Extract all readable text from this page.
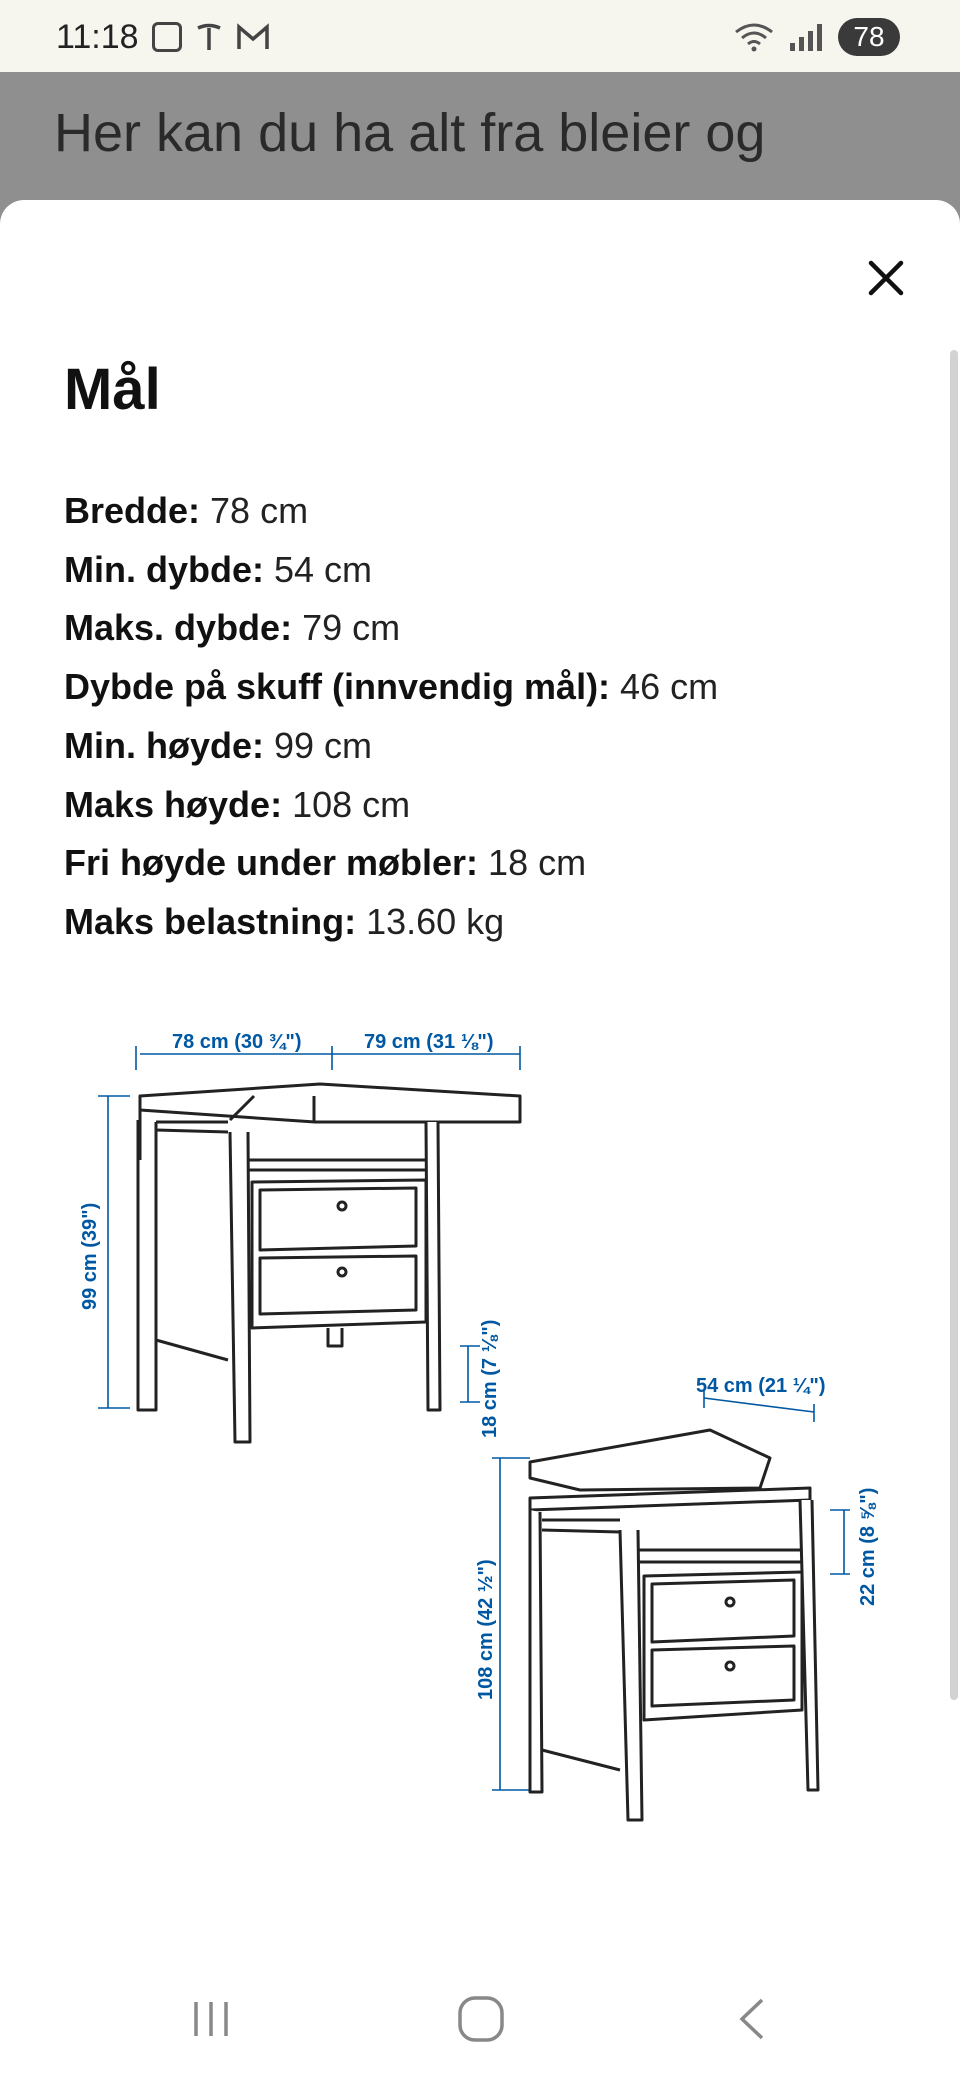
11:18	78
Her kan du ha alt fra bleier og
Mål
Bredde: 78 cm
Min. dybde: 54 cm
Maks. dybde: 79 cm
Dybde på skuff (innvendig mål): 46 cm
Min. høyde: 99 cm
Maks høyde: 108 cm
Fri høyde under møbler: 18 cm
Maks belastning: 13.60 kg
78 cm (30 ¾")	79 cm (31 ⅛")
99 cm (39")
18 cm (7 ⅛")	54 cm (21 ¼")
108 cm (42 ½")
22 cm (8 ⅝")
